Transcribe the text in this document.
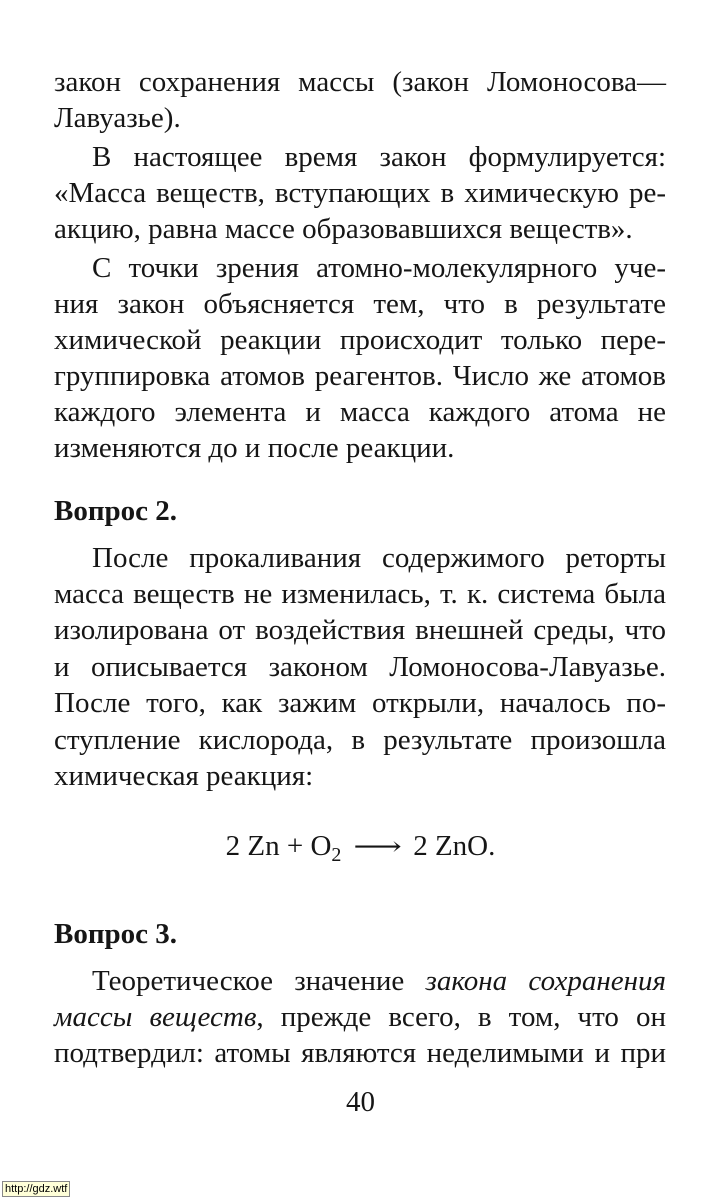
закон сохранения массы (закон Ломоносова—
Лавуазье).
В настоящее время закон формулируется:
«Масса веществ, вступающих в химическую ре-
акцию, равна массе образовавшихся веществ».
С точки зрения атомно-молекулярного уче-
ния закон объясняется тем, что в результате
химической реакции происходит только пере-
группировка атомов реагентов. Число же атомов
каждого элемента и масса каждого атома не
изменяются до и после реакции.
Вопрос 2.
После прокаливания содержимого реторты
масса веществ не изменилась, т. к. система была
изолирована от воздействия внешней среды, что
и описывается законом Ломоносова-Лавуазье.
После того, как зажим открыли, началось по-
ступление кислорода, в результате произошла
химическая реакция:
2 $Zn + O_2$ ⟶ 2 ZnO.
Вопрос 3.
Теоретическое значение закона сохранения
массы веществ, прежде всего, в том, что он
подтвердил: атомы являются неделимыми и при
40
http://gdz.wtf
